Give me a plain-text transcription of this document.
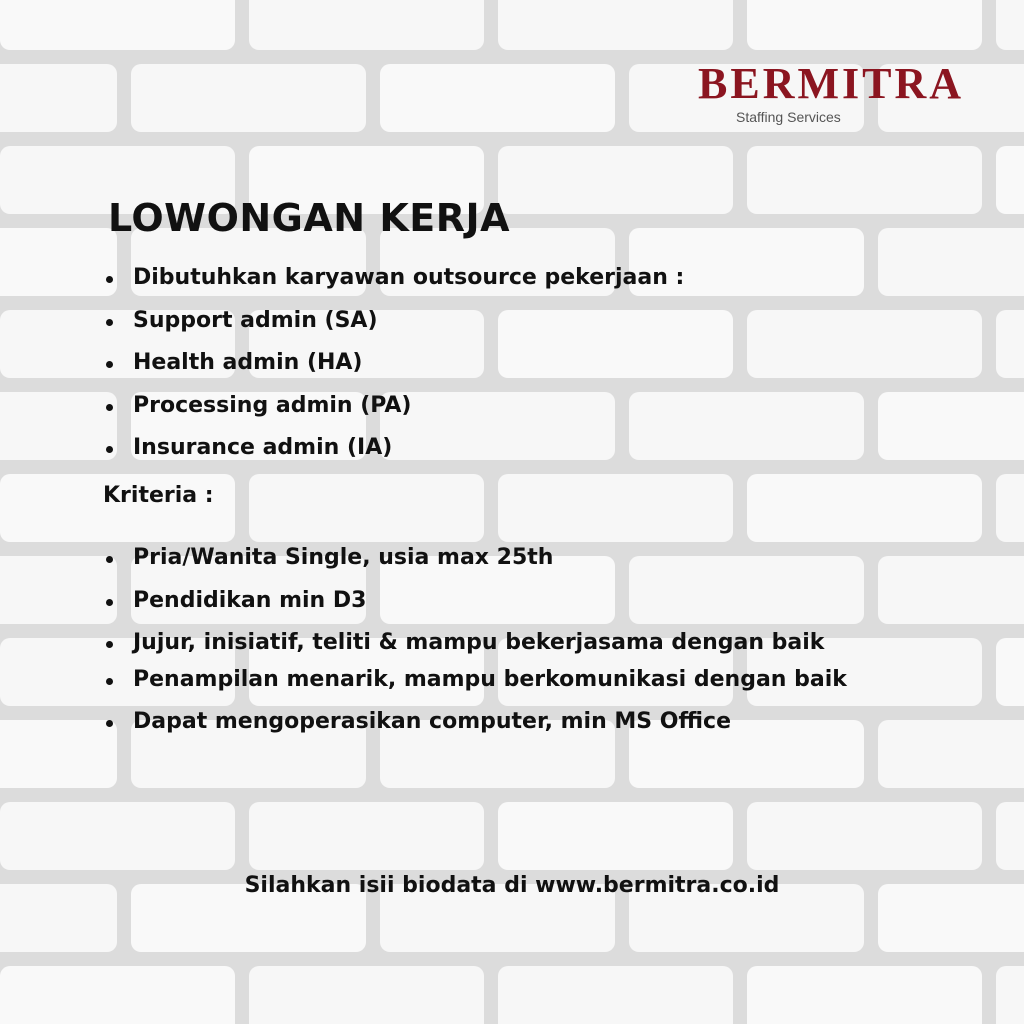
BERMITRA
Staffing Services
LOWONGAN KERJA
Dibutuhkan karyawan outsource pekerjaan :
Support admin (SA)
Health admin (HA)
Processing admin (PA)
Insurance admin (IA)
Kriteria :
Pria/Wanita Single, usia max 25th
Pendidikan min D3
Jujur, inisiatif, teliti & mampu bekerjasama dengan baik
Penampilan menarik, mampu berkomunikasi dengan baik
Dapat mengoperasikan computer, min MS Office
Silahkan isii biodata di www.bermitra.co.id
